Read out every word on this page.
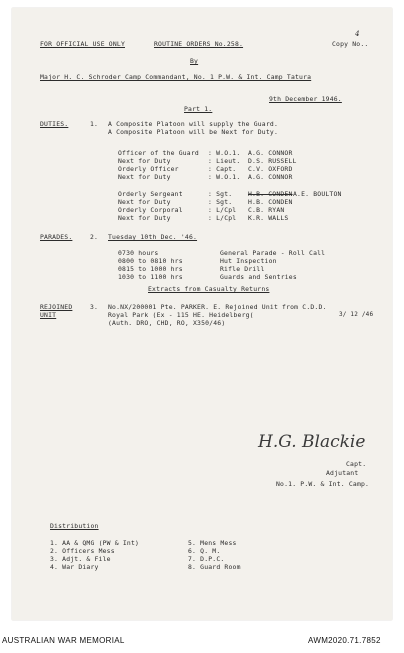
FOR OFFICIAL USE ONLY	ROUTINE ORDERS No.258.	Copy No..
4
By
Major H. C. Schroder Camp Commandant, No. 1 P.W. & Int. Camp Tatura
9th December 1946.
Part 1.
DUTIES.	1. A Composite Platoon will supply the Guard.
A Composite Platoon will be Next for Duty.
PARADES.	2. Tuesday 10th Dec. '46.
Extracts from Casualty Returns
REJOINED
UNIT
3. No.NX/200001 Pte. PARKER. E. Rejoined Unit from C.D.D.
3/ 12 /46
Royal Park (Ex - 115 HE. Heidelberg(
(Auth. DRO, CHD, RO, X350/46)
H.G. Blackie
Capt.
Adjutant
No.1. P.W. & Int. Camp.
Distribution
Officer of the Guard : W.O.1. A.G. CONNOR
Next for Duty	: Lieut. D.S. RUSSELL
Orderly Officer	: Capt. C.V. OXFORD
Next for Duty	: W.O.1. A.G. CONNOR
Orderly Sergeant	: Sgt. H.B. CONDEN A.E. BOULTON
Next for Duty	: Sgt. H.B. CONDEN
Orderly Corporal	: L/Cpl C.B. RYAN
Next for Duty	: L/Cpl K.R. WALLS
0730 hours	General Parade - Roll Call
0800 to 0810 hrs	Hut Inspection
0815 to 1000 hrs	Rifle Drill
1030 to 1100 hrs	Guards and Sentries
1. AA & QMG (PW & Int)
2. Officers Mess
3. Adjt. & File
4. War Diary
5. Mens Mess
6. Q. M.
7. D.P.C.
8. Guard Room
AUSTRALIAN WAR MEMORIAL	AWM2020.71.7852
